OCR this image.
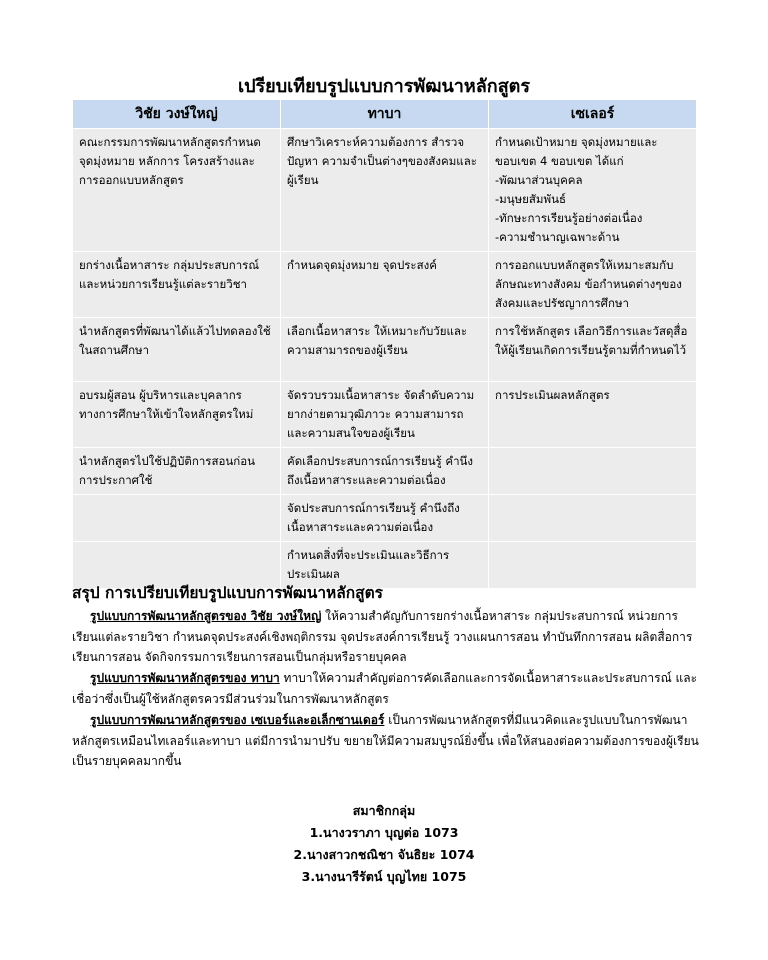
เปรียบเทียบรูปแบบการพัฒนาหลักสูตร
วิชัย วงษ์ใหญ่	ทาบา	เซเลอร์

คณะกรรมการพัฒนาหลักสูตรกำหนดจุดมุ่งหมาย หลักการ โครงสร้างและการออกแบบหลักสูตร	ศึกษาวิเคราะห์ความต้องการ สำรวจปัญหา ความจำเป็นต่างๆของสังคมและผู้เรียน	กำหนดเป้าหมาย จุดมุ่งหมายและขอบเขต 4 ขอบเขต ได้แก่
-พัฒนาส่วนบุคคล
-มนุษยสัมพันธ์
-ทักษะการเรียนรู้อย่างต่อเนื่อง
-ความชำนาญเฉพาะด้าน

ยกร่างเนื้อหาสาระ กลุ่มประสบการณ์และหน่วยการเรียนรู้แต่ละรายวิชา	กำหนดจุดมุ่งหมาย จุดประสงค์	การออกแบบหลักสูตรให้เหมาะสมกับลักษณะทางสังคม ข้อกำหนดต่างๆของสังคมและปรัชญาการศึกษา

นำหลักสูตรที่พัฒนาได้แล้วไปทดลองใช้ในสถานศึกษา	เลือกเนื้อหาสาระ ให้เหมาะกับวัยและความสามารถของผู้เรียน	การใช้หลักสูตร เลือกวิธีการและวัสดุสื่อให้ผู้เรียนเกิดการเรียนรู้ตามที่กำหนดไว้

อบรมผู้สอน ผู้บริหารและบุคลากรทางการศึกษาให้เข้าใจหลักสูตรใหม่	จัดรวบรวมเนื้อหาสาระ จัดลำดับความยากง่ายตามวุฒิภาวะ ความสามารถและความสนใจของผู้เรียน	การประเมินผลหลักสูตร

นำหลักสูตรไปใช้ปฏิบัติการสอนก่อนการประกาศใช้	คัดเลือกประสบการณ์การเรียนรู้ คำนึงถึงเนื้อหาสาระและความต่อเนื่อง	

	จัดประสบการณ์การเรียนรู้ คำนึงถึงเนื้อหาสาระและความต่อเนื่อง	

	กำหนดสิ่งที่จะประเมินและวิธีการประเมินผล	

สรุป การเปรียบเทียบรูปแบบการพัฒนาหลักสูตร
รูปแบบการพัฒนาหลักสูตรของ วิชัย วงษ์ใหญ่ ให้ความสำคัญกับการยกร่างเนื้อหาสาระ กลุ่มประสบการณ์ หน่วยการเรียนแต่ละรายวิชา กำหนดจุดประสงค์เชิงพฤติกรรม จุดประสงค์การเรียนรู้ วางแผนการสอน ทำบันทึกการสอน ผลิตสื่อการเรียนการสอน จัดกิจกรรมการเรียนการสอนเป็นกลุ่มหรือรายบุคคล
รูปแบบการพัฒนาหลักสูตรของ ทาบา ทาบาให้ความสำคัญต่อการคัดเลือกและการจัดเนื้อหาสาระและประสบการณ์ และเชื่อว่าซึ่งเป็นผู้ใช้หลักสูตรควรมีส่วนร่วมในการพัฒนาหลักสูตร
รูปแบบการพัฒนาหลักสูตรของ เซเบอร์และอเล็กซานเดอร์ เป็นการพัฒนาหลักสูตรที่มีแนวคิดและรูปแบบในการพัฒนาหลักสูตรเหมือนไทเลอร์และทาบา แต่มีการนำมาปรับ ขยายให้มีความสมบูรณ์ยิ่งขึ้น เพื่อให้สนองต่อความต้องการของผู้เรียนเป็นรายบุคคลมากขึ้น
สมาชิกกลุ่ม
1.นางวราภา บุญต่อ 1073
2.นางสาวกชณิชา จันธิยะ 1074
3.นางนารีรัตน์ บุญไทย 1075
